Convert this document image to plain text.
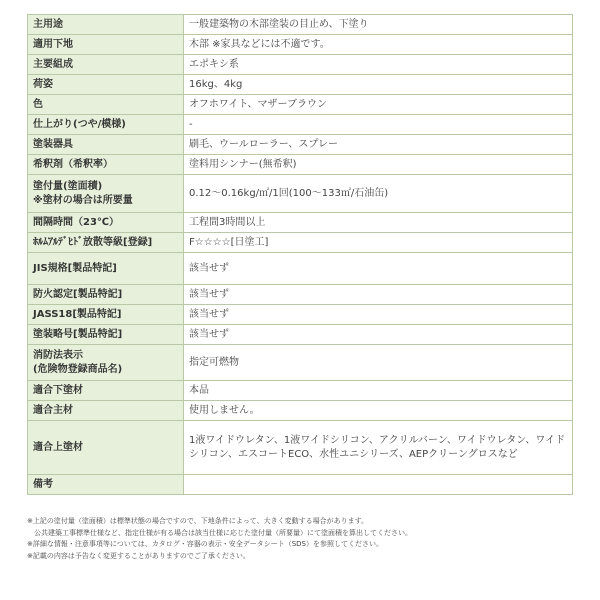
主用途	一般建築物の木部塗装の目止め、下塗り

適用下地	木部 ※家具などには不適です。

主要組成	エポキシ系

荷姿	16kg、4kg

色	オフホワイト、マザーブラウン

仕上がり(つや/模様)	-

塗装器具	刷毛、ウールローラー、スプレー

希釈剤（希釈率）	塗料用シンナー(無希釈)

塗付量(塗面積)
※塗材の場合は所要量	0.12～0.16kg/㎡/1回(100～133㎡/石油缶)

間隔時間（23℃）	工程間3時間以上

ﾎﾙﾑｱﾙﾃﾞﾋﾄﾞ放散等級[登録]	F☆☆☆☆[日塗工]

JIS規格[製品特記]	該当せず

防火認定[製品特記]	該当せず

JASS18[製品特記]	該当せず

塗装略号[製品特記]	該当せず

消防法表示
(危険物登録商品名)	指定可燃物

適合下塗材	本品

適合主材	使用しません。

適合上塗材	1液ワイドウレタン、1液ワイドシリコン、アクリルバーン、ワイドウレタン、ワイドシリコン、エスコートECO、水性ユニシリーズ、AEPクリーングロスなど

備考	

※上記の塗付量（塗面積）は標準状態の場合ですので、下地条件によって、大きく変動する場合があります。
　公共建築工事標準仕様など、指定仕様が有る場合は該当仕様に応じた塗付量（所要量）にて塗面積を算出してください。
※詳細な情報・注意事項等については、カタログ・容器の表示・安全データシート（SDS）を参照してください。
※記載の内容は予告なく変更することがありますのでご了承ください。
